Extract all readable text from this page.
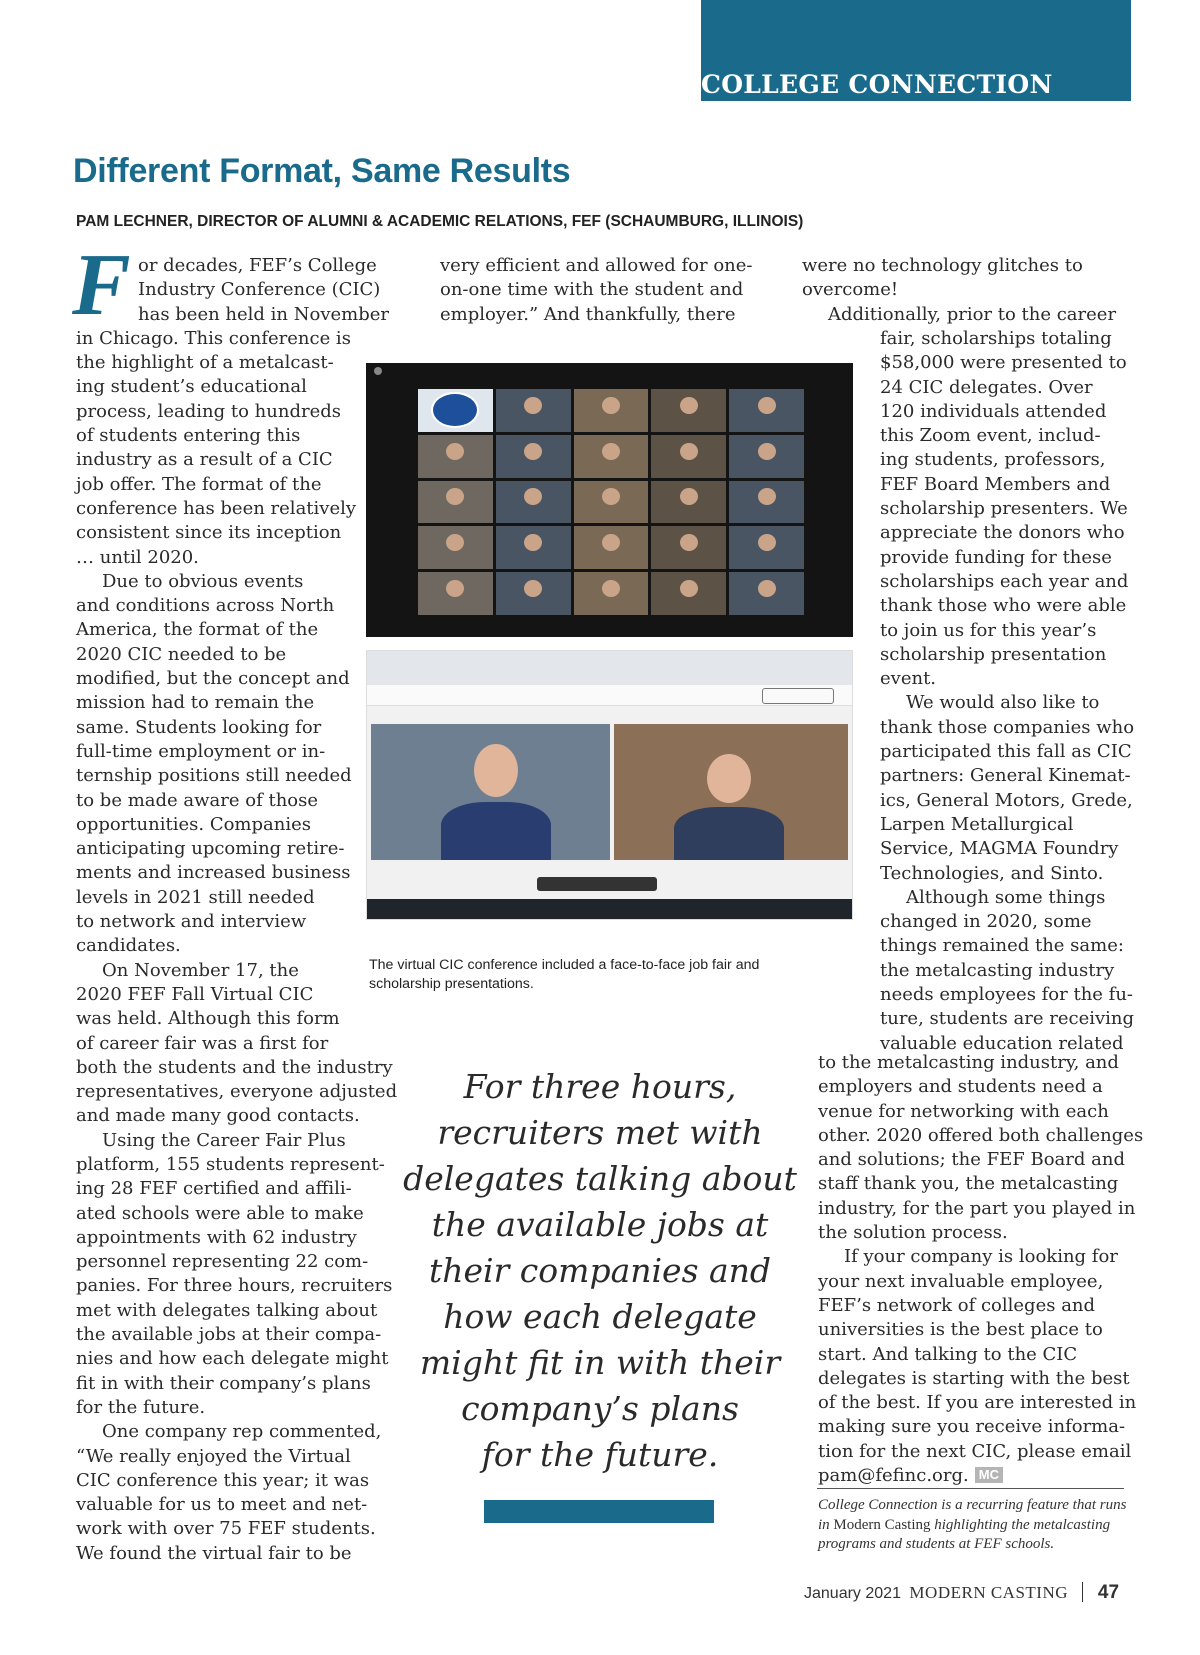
COLLEGE CONNECTION
Different Format, Same Results
PAM LECHNER, DIRECTOR OF ALUMNI & ACADEMIC RELATIONS, FEF (SCHAUMBURG, ILLINOIS)
F or decades, FEF’s College
Industry Conference (CIC)
has been held in November
in Chicago. This conference is
the highlight of a metalcast-
ing student’s educational
process, leading to hundreds
of students entering this
industry as a result of a CIC
job offer. The format of the
conference has been relatively
consistent since its inception
… until 2020.
Due to obvious events
and conditions across North
America, the format of the
2020 CIC needed to be
modified, but the concept and
mission had to remain the
same. Students looking for
full-time employment or in-
ternship positions still needed
to be made aware of those
opportunities. Companies
anticipating upcoming retire-
ments and increased business
levels in 2021 still needed
to network and interview
candidates.
On November 17, the
2020 FEF Fall Virtual CIC
was held. Although this form
of career fair was a first for
both the students and the industry
representatives, everyone adjusted
and made many good contacts.
Using the Career Fair Plus
platform, 155 students represent-
ing 28 FEF certified and affili-
ated schools were able to make
appointments with 62 industry
personnel representing 22 com-
panies. For three hours, recruiters
met with delegates talking about
the available jobs at their compa-
nies and how each delegate might
fit in with their company’s plans
for the future.
One company rep commented,
“We really enjoyed the Virtual
CIC conference this year; it was
valuable for us to meet and net-
work with over 75 FEF students.
We found the virtual fair to be
very efficient and allowed for one-
on-one time with the student and
employer.” And thankfully, there
were no technology glitches to
overcome!
Additionally, prior to the career
fair, scholarships totaling
$58,000 were presented to
24 CIC delegates. Over
120 individuals attended
this Zoom event, includ-
ing students, professors,
FEF Board Members and
scholarship presenters. We
appreciate the donors who
provide funding for these
scholarships each year and
thank those who were able
to join us for this year’s
scholarship presentation
event.
We would also like to
thank those companies who
participated this fall as CIC
partners: General Kinemat-
ics, General Motors, Grede,
Larpen Metallurgical
Service, MAGMA Foundry
Technologies, and Sinto.
Although some things
changed in 2020, some
things remained the same:
the metalcasting industry
needs employees for the fu-
ture, students are receiving
valuable education related
to the metalcasting industry, and
employers and students need a
venue for networking with each
other. 2020 offered both challenges
and solutions; the FEF Board and
staff thank you, the metalcasting
industry, for the part you played in
the solution process.
If your company is looking for
your next invaluable employee,
FEF’s network of colleges and
universities is the best place to
start. And talking to the CIC
delegates is starting with the best
of the best. If you are interested in
making sure you receive informa-
tion for the next CIC, please email
pam@fefinc.org. MC
The virtual CIC conference included a face-to-face job fair and
scholarship presentations.
For three hours,
recruiters met with
delegates talking about
the available jobs at
their companies and
how each delegate
might fit in with their
company’s plans
for the future.
College Connection is a recurring feature that runs
in Modern Casting highlighting the metalcasting
programs and students at FEF schools.
January 2021 MODERN CASTING 47
